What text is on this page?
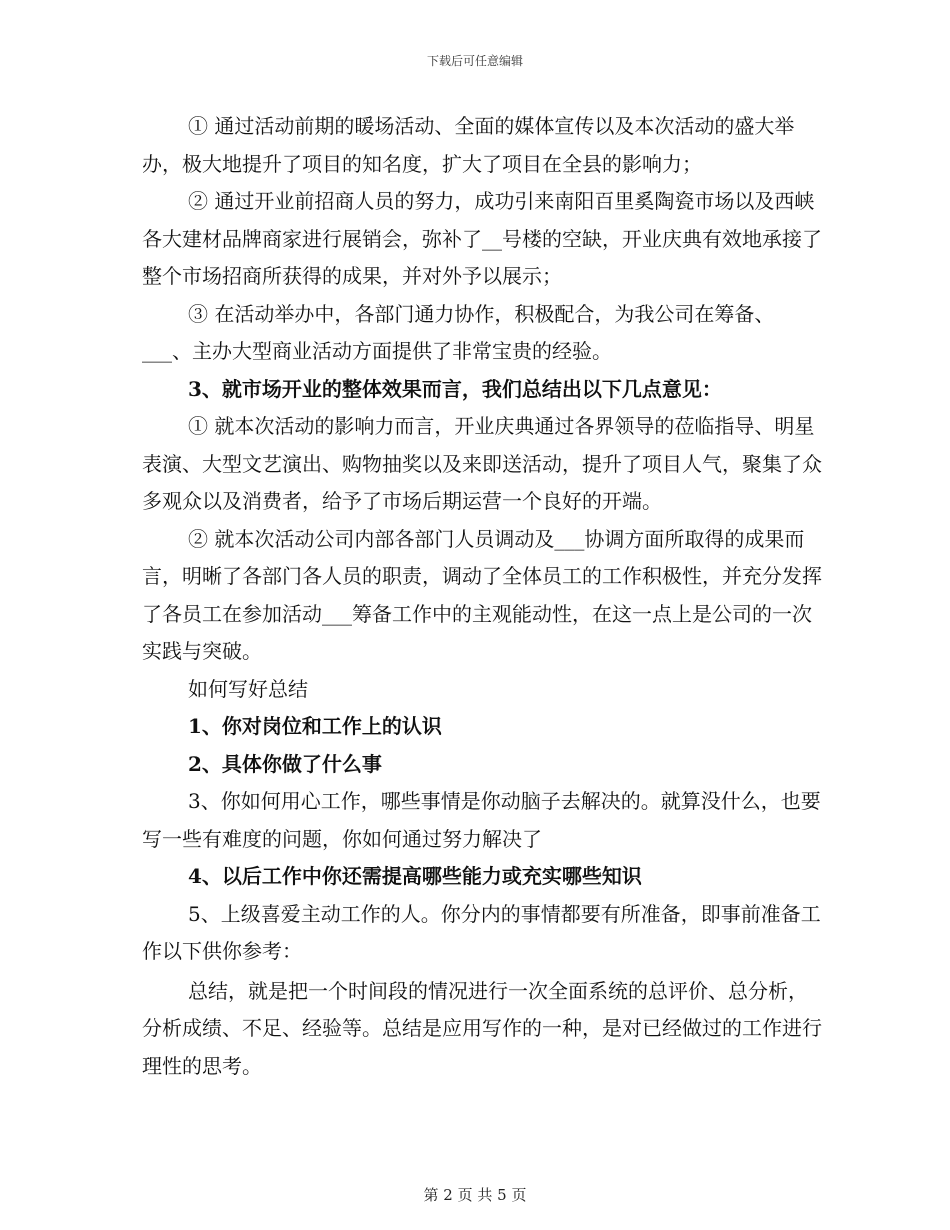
下载后可任意编辑

① 通过活动前期的暖场活动、全面的媒体宣传以及本次活动的盛大举办，极大地提升了项目的知名度，扩大了项目在全县的影响力；

② 通过开业前招商人员的努力，成功引来南阳百里奚陶瓷市场以及西峡各大建材品牌商家进行展销会，弥补了__号楼的空缺，开业庆典有效地承接了整个市场招商所获得的成果，并对外予以展示；

③ 在活动举办中，各部门通力协作，积极配合，为我公司在筹备、___、主办大型商业活动方面提供了非常宝贵的经验。

3、就市场开业的整体效果而言，我们总结出以下几点意见：

① 就本次活动的影响力而言，开业庆典通过各界领导的莅临指导、明星表演、大型文艺演出、购物抽奖以及来即送活动，提升了项目人气，聚集了众多观众以及消费者，给予了市场后期运营一个良好的开端。

② 就本次活动公司内部各部门人员调动及___协调方面所取得的成果而言，明晰了各部门各人员的职责，调动了全体员工的工作积极性，并充分发挥了各员工在参加活动___筹备工作中的主观能动性，在这一点上是公司的一次实践与突破。

如何写好总结

1、你对岗位和工作上的认识

2、具体你做了什么事

3、你如何用心工作，哪些事情是你动脑子去解决的。就算没什么，也要写一些有难度的问题，你如何通过努力解决了

4、以后工作中你还需提高哪些能力或充实哪些知识

5、上级喜爱主动工作的人。你分内的事情都要有所准备，即事前准备工作以下供你参考：

总结，就是把一个时间段的情况进行一次全面系统的总评价、总分析，分析成绩、不足、经验等。总结是应用写作的一种，是对已经做过的工作进行理性的思考。

第 2 页 共 5 页
